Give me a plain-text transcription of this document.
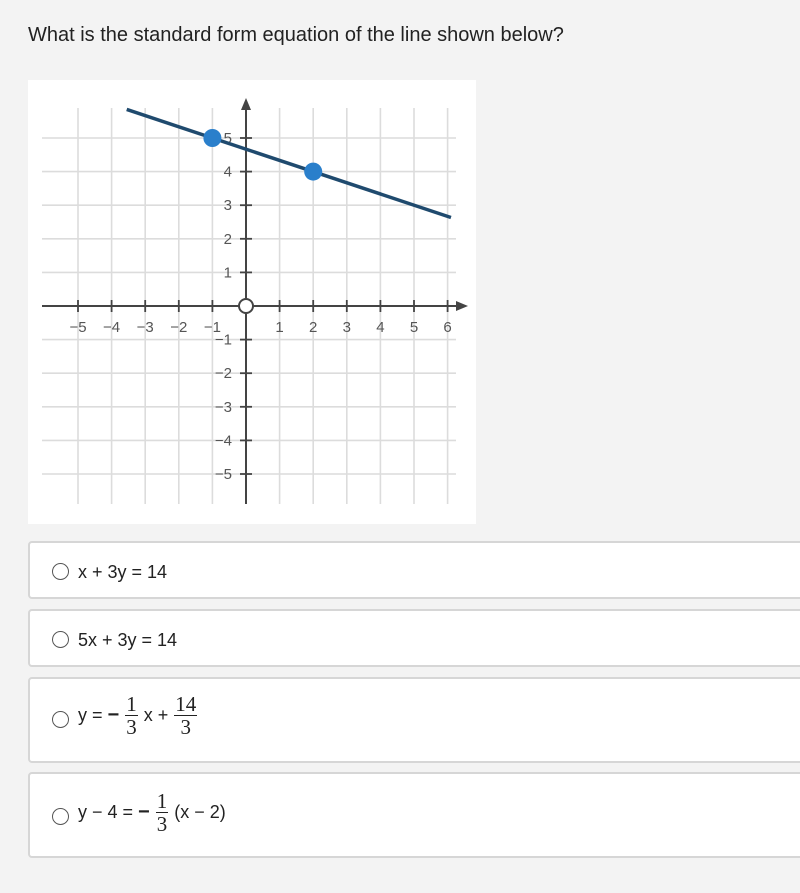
What is the standard form equation of the line shown below?
−5 −4 −3 −2 −1	1 2 3 4 5 6
5
4
3
2
1
−1
−2
−3
−4
−5
x + 3y = 14
5x + 3y = 14
y = − $\frac{1}{3}$ $x + \frac{14}{3}$
y − 4 = − $\frac{1}{3} (x - 2)$
